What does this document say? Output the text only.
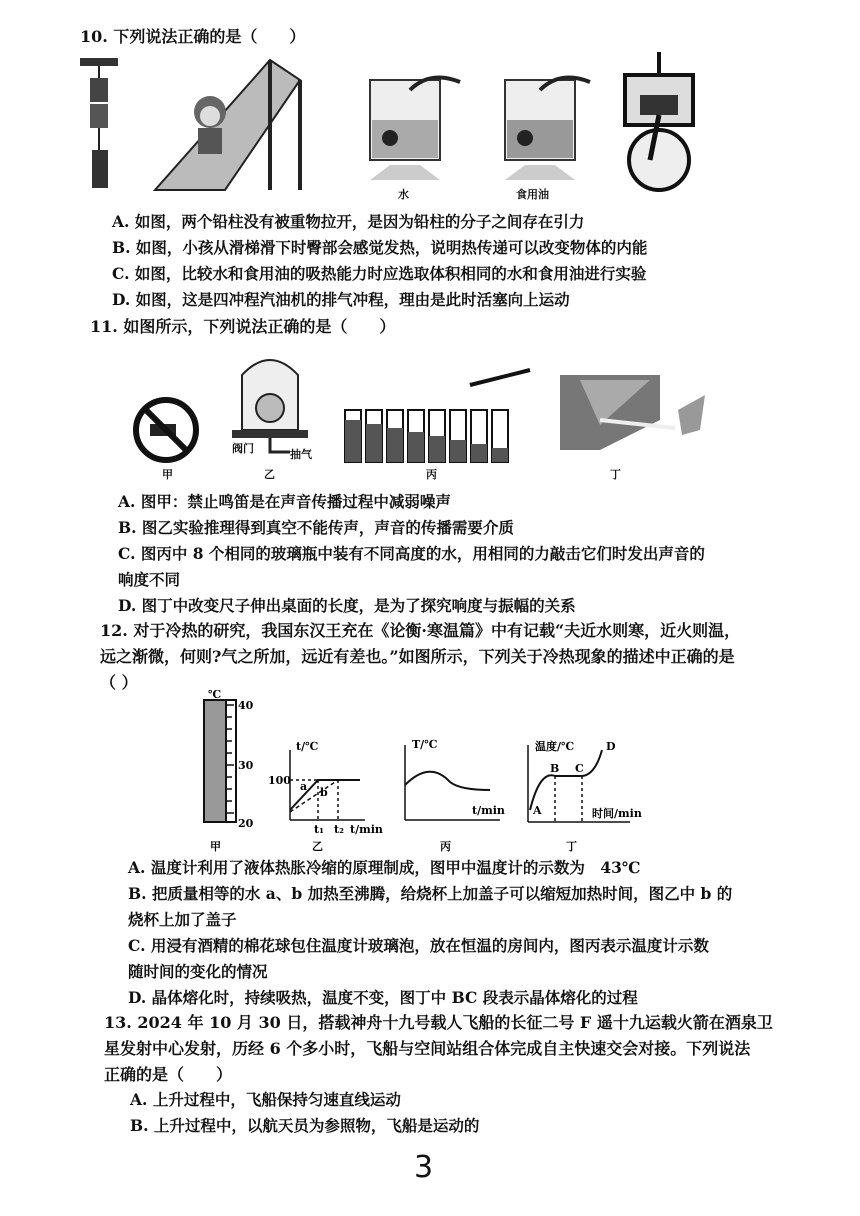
10. 下列说法正确的是（　　）
水	食用油
A. 如图，两个铅柱没有被重物拉开，是因为铅柱的分子之间存在引力
B. 如图，小孩从滑梯滑下时臀部会感觉发热，说明热传递可以改变物体的内能
C. 如图，比较水和食用油的吸热能力时应选取体积相同的水和食用油进行实验
D. 如图，这是四冲程汽油机的排气冲程，理由是此时活塞向上运动
11. 如图所示，下列说法正确的是（　　）
甲	乙	丙	丁
阀门	抽气
A. 图甲：禁止鸣笛是在声音传播过程中减弱噪声
B. 图乙实验推理得到真空不能传声，声音的传播需要介质
C. 图丙中 8 个相同的玻璃瓶中装有不同高度的水，用相同的力敲击它们时发出声音的
响度不同
D. 图丁中改变尺子伸出桌面的长度，是为了探究响度与振幅的关系
12. 对于冷热的研究，我国东汉王充在《论衡·寒温篇》中有记载“夫近水则寒，近火则温，
远之渐微，何则?气之所加，远近有差也。”如图所示，下列关于冷热现象的描述中正确的是
（ ）
℃
40
30
20
t/℃
100 a b
t₁ t₂ t/min
T/℃
t/min
温度/℃
A
B C
D
时间/min
甲	乙	丙	丁
A. 温度计利用了液体热胀冷缩的原理制成，图甲中温度计的示数为　43℃
B. 把质量相等的水 a、b 加热至沸腾，给烧杯上加盖子可以缩短加热时间，图乙中 b 的
烧杯上加了盖子
C. 用浸有酒精的棉花球包住温度计玻璃泡，放在恒温的房间内，图丙表示温度计示数
随时间的变化的情况
D. 晶体熔化时，持续吸热，温度不变，图丁中 BC 段表示晶体熔化的过程
13. 2024 年 10 月 30 日，搭载神舟十九号载人飞船的长征二号 F 遥十九运载火箭在酒泉卫
星发射中心发射，历经 6 个多小时，飞船与空间站组合体完成自主快速交会对接。下列说法
正确的是（　　）
A. 上升过程中，飞船保持匀速直线运动
B. 上升过程中，以航天员为参照物，飞船是运动的
3
